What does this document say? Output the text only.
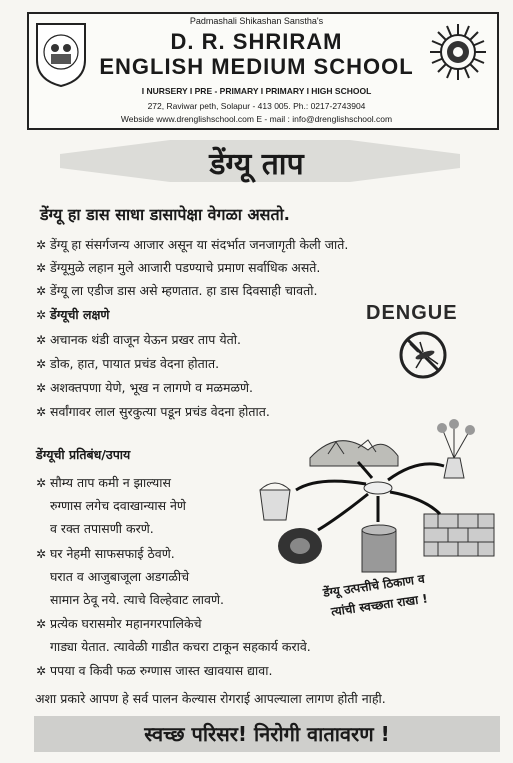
Padmashali Shikashan Sanstha's
D. R. SHRIRAM
ENGLISH MEDIUM SCHOOL
I NURSERY I PRE - PRIMARY I PRIMARY I HIGH SCHOOL
272, Raviwar peth, Solapur - 413 005. Ph.: 0217-2743904
Webside www.drenglishschool.com E - mail : info@drenglishschool.com
डेंग्यू ताप
डेंग्यू हा डास साधा डासापेक्षा वेगळा असतो.
✲ डेंग्यू हा संसर्गजन्य आजार असून या संदर्भात जनजागृती केली जाते.
✲ डेंग्यूमुळे लहान मुले आजारी पडण्याचे प्रमाण सर्वाधिक असते.
✲ डेंग्यू ला एडीज डास असे म्हणतात. हा डास दिवसाही चावतो.
✲ डेंग्यूची लक्षणे
✲ अचानक थंडी वाजून येऊन प्रखर ताप येतो.
✲ डोक, हात, पायात प्रचंड वेदना होतात.
✲ अशक्तपणा येणे, भूख न लागणे व मळमळणे.
✲ सर्वांगावर लाल सुरकुत्या पडून प्रचंड वेदना होतात.
DENGUE
डेंग्यूची प्रतिबंध/उपाय
✲ सौम्य ताप कमी न झाल्यास
रुग्णास लगेच दवाखान्यास नेणे
व रक्त तपासणी करणे.
✲ घर नेहमी साफसफाई ठेवणे.
घरात व आजुबाजूला अडगळीचे
सामान ठेवू नये. त्याचे विल्हेवाट लावणे.
✲ प्रत्येक घरासमोर महानगरपालिकेचे
गाड्या येतात. त्यावेळी गाडीत कचरा टाकून सहकार्य करावे.
✲ पपया व किवी फळ रुग्णास जास्त खावयास द्यावा.
डेंग्यू उत्पत्तीचे ठिकाण व
त्यांची स्वच्छता राखा !
अशा प्रकारे आपण हे सर्व पालन केल्यास रोगराई आपल्याला लागण होती नाही.
स्वच्छ परिसर! निरोगी वातावरण !
